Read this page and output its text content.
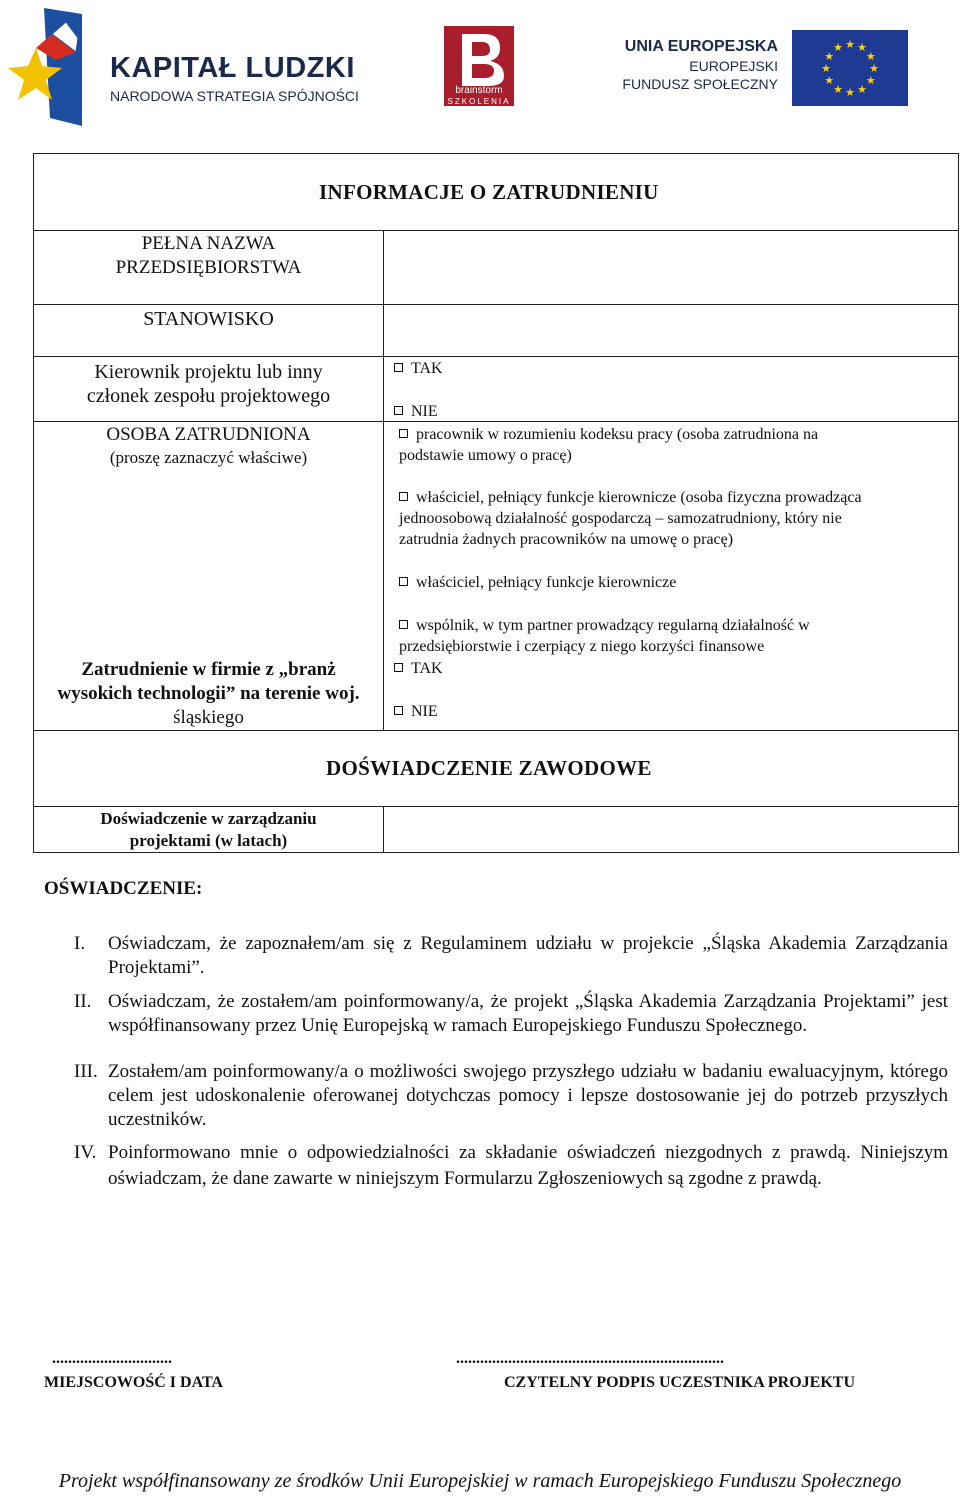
KAPITAŁ LUDZKI
NARODOWA STRATEGIA SPÓJNOŚCI	brainstorm
SZKOLENIA
UNIA EUROPEJSKA
EUROPEJSKI
FUNDUSZ SPOŁECZNY
★
★
★
★
★
★
★
★
★ ★ ★
★
INFORMACJE O ZATRUDNIENIU
PEŁNA NAZWA
PRZEDSIĘBIORSTWA
STANOWISKO
Kierownik projektu lub inny
członek zespołu projektowego
TAK
NIE
OSOBA ZATRUDNIONA
(proszę zaznaczyć właściwe)
pracownik w rozumieniu kodeksu pracy (osoba zatrudniona na
podstawie umowy o pracę)
właściciel, pełniący funkcje kierownicze (osoba fizyczna prowadząca
jednoosobową działalność gospodarczą – samozatrudniony, który nie
zatrudnia żadnych pracowników na umowę o pracę)
właściciel, pełniący funkcje kierownicze
wspólnik, w tym partner prowadzący regularną działalność w
przedsiębiorstwie i czerpiący z niego korzyści finansowe
Zatrudnienie w firmie z „branż
wysokich technologii” na terenie woj.
śląskiego
TAK
NIE
DOŚWIADCZENIE ZAWODOWE
Doświadczenie w zarządzaniu
projektami (w latach)
OŚWIADCZENIE:
I. Oświadczam, że zapoznałem/am się z Regulaminem udziału w projekcie „Śląska Akademia Zarządzania Projektami”.
II. Oświadczam, że zostałem/am poinformowany/a, że projekt „Śląska Akademia Zarządzania Projektami” jest współfinansowany przez Unię Europejską w ramach Europejskiego Funduszu Społecznego.
III. Zostałem/am poinformowany/a o możliwości swojego przyszłego udziału w badaniu ewaluacyjnym, którego celem jest udoskonalenie oferowanej dotychczas pomocy i lepsze dostosowanie jej do potrzeb przyszłych uczestników.
IV. Poinformowano mnie o odpowiedzialności za składanie oświadczeń niezgodnych z prawdą. Niniejszym oświadczam, że dane zawarte w niniejszym Formularzu Zgłoszeniowych są zgodne z prawdą.
..............................
MIEJSCOWOŚĆ I DATA
...................................................................
CZYTELNY PODPIS UCZESTNIKA PROJEKTU
Projekt współfinansowany ze środków Unii Europejskiej w ramach Europejskiego Funduszu Społecznego
